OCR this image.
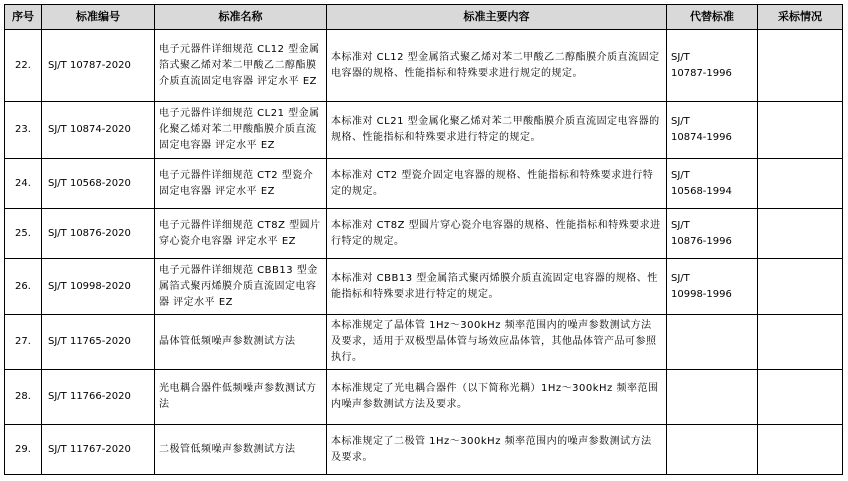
序号	标准编号	标准名称	标准主要内容	代替标准	采标情况
22.	SJ/T 10787-2020	电子元器件详细规范 CL12 型金属箔式聚乙烯对苯二甲酸乙二醇酯膜介质直流固定电容器 评定水平 EZ	本标准对 CL12 型金属箔式聚乙烯对苯二甲酸乙二醇酯膜介质直流固定电容器的规格、性能指标和特殊要求进行规定的规定。	SJ/T
10787-1996	

23.	SJ/T 10874-2020	电子元器件详细规范 CL21 型金属化聚乙烯对苯二甲酸酯膜介质直流固定电容器 评定水平 EZ	本标准对 CL21 型金属化聚乙烯对苯二甲酸酯膜介质直流固定电容器的规格、性能指标和特殊要求进行特定的规定。	SJ/T
10874-1996	

24.	SJ/T 10568-2020	电子元器件详细规范 CT2 型瓷介固定电容器 评定水平 EZ	本标准对 CT2 型瓷介固定电容器的规格、性能指标和特殊要求进行特定的规定。	SJ/T
10568-1994	

25.	SJ/T 10876-2020	电子元器件详细规范 CT8Z 型圆片穿心瓷介电容器 评定水平 EZ	本标准对 CT8Z 型圆片穿心瓷介电容器的规格、性能指标和特殊要求进行特定的规定。	SJ/T
10876-1996	

26.	SJ/T 10998-2020	电子元器件详细规范 CBB13 型金属箔式聚丙烯膜介质直流固定电容器 评定水平 EZ	本标准对 CBB13 型金属箔式聚丙烯膜介质直流固定电容器的规格、性能指标和特殊要求进行特定的规定。	SJ/T
10998-1996	

27.	SJ/T 11765-2020	晶体管低频噪声参数测试方法	本标准规定了晶体管 1Hz～300kHz 频率范围内的噪声参数测试方法及要求，适用于双极型晶体管与场效应晶体管，其他晶体管产品可参照执行。	

28.	SJ/T 11766-2020	光电耦合器件低频噪声参数测试方法	本标准规定了光电耦合器件（以下简称光耦）1Hz～300kHz 频率范围内噪声参数测试方法及要求。	

29.	SJ/T 11767-2020	二极管低频噪声参数测试方法	本标准规定了二极管 1Hz～300kHz 频率范围内的噪声参数测试方法及要求。	
